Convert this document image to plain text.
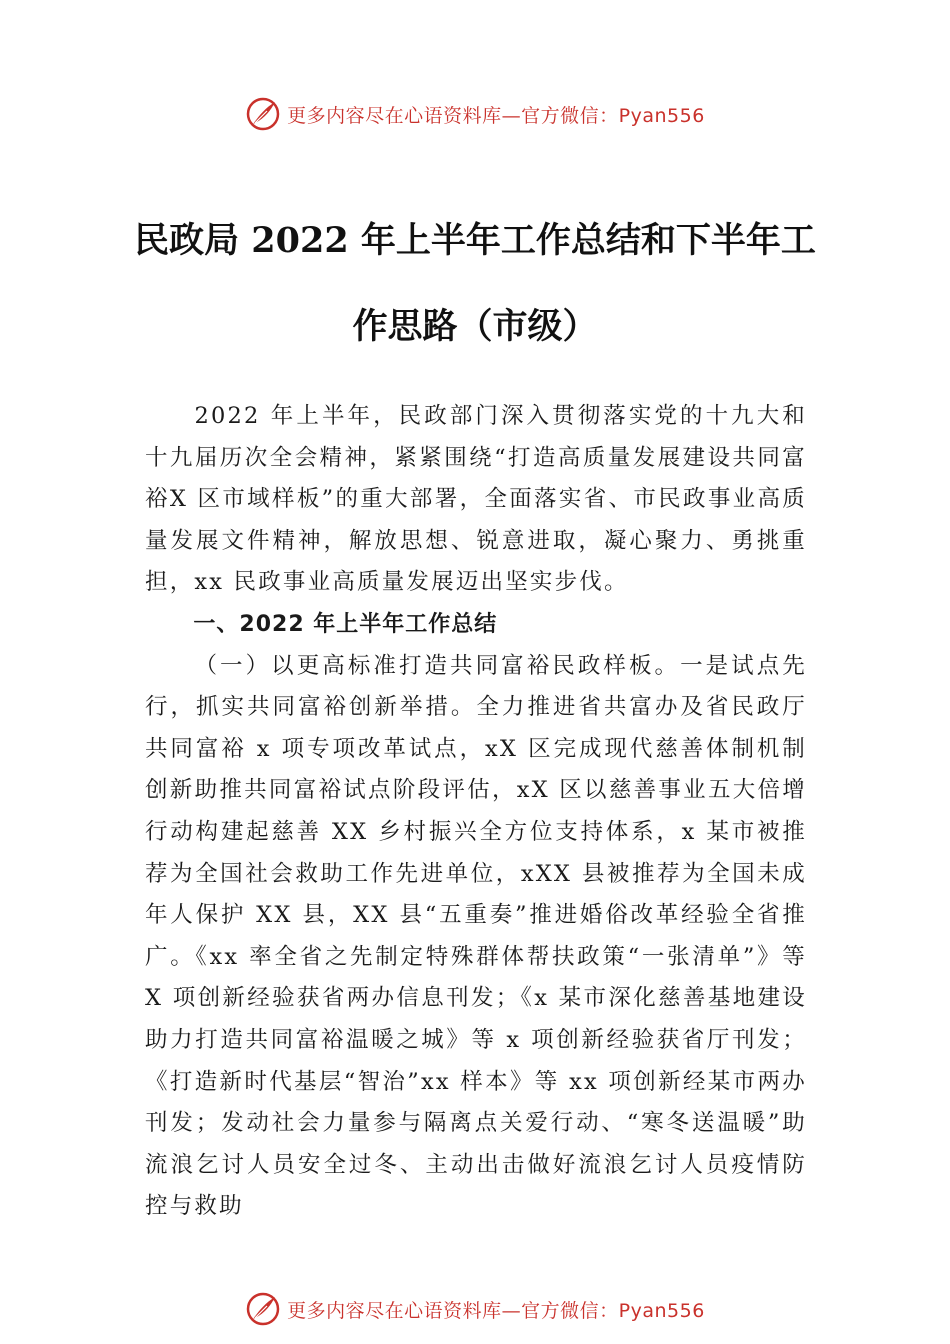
更多内容尽在心语资料库—官方微信：Pyan556
民政局 2022 年上半年工作总结和下半年工
作思路（市级）

2022 年上半年，民政部门深入贯彻落实党的十九大和十九届历次全会精神，紧紧围绕“打造高质量发展建设共同富裕X 区市域样板”的重大部署，全面落实省、市民政事业高质量发展文件精神，解放思想、锐意进取，凝心聚力、勇挑重 担，xx 民政事业高质量发展迈出坚实步伐。

一、2022 年上半年工作总结

（一）以更高标准打造共同富裕民政样板。一是试点先行，抓实共同富裕创新举措。全力推进省共富办及省民政厅共同富裕 x 项专项改革试点，xX 区完成现代慈善体制机制创新助推共同富裕试点阶段评估，xX 区以慈善事业五大倍增行动构建起慈善 XX 乡村振兴全方位支持体系，x 某市被推荐为全国社会救助工作先进单位，xXX 县被推荐为全国未成年人保护 XX 县，XX 县“五重奏”推进婚俗改革经验全省推广。《xx 率全省之先制定特殊群体帮扶政策“一张清单”》等 X 项创新经验获省两办信息刊发；《x 某市深化慈善基地建设助力打造共同富裕温暖之城》等 x 项创新经验获省厅刊发；《打造新时代基层“智治”xx 样本》等 xx 项创新经某市两办刊发；发动社会力量参与隔离点关爱行动、“寒冬送温暖”助流浪乞讨人员安全过冬、主动出击做好流浪乞讨人员疫情防控与救助

更多内容尽在心语资料库—官方微信：Pyan556
